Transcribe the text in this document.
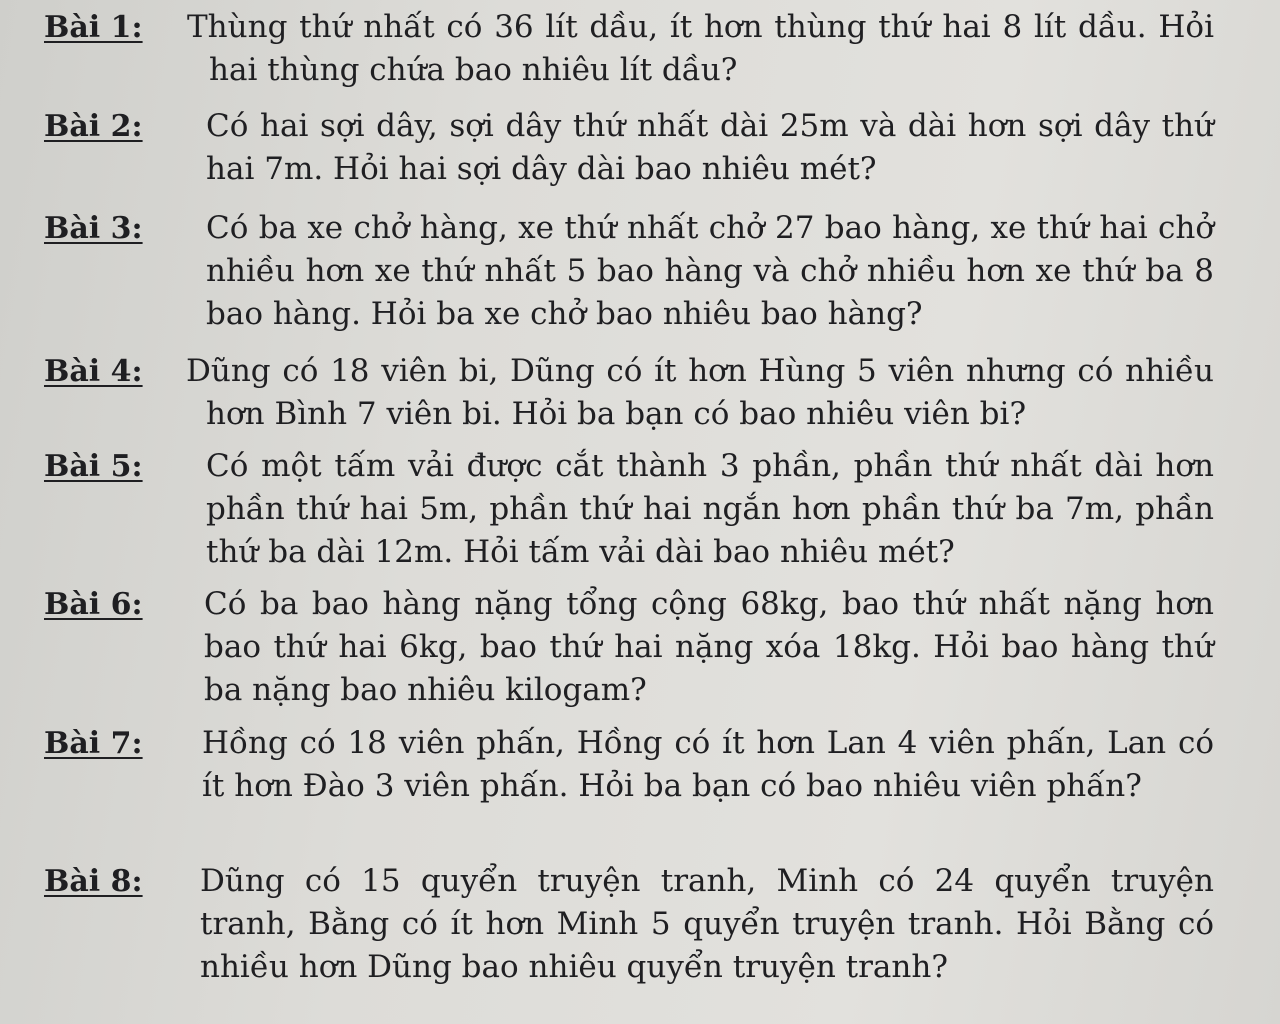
Bài 1:	Thùng thứ nhất có 36 lít dầu, ít hơn thùng thứ hai 8 lít dầu. Hỏi hai thùng chứa bao nhiêu lít dầu?

Bài 2:	Có hai sợi dây, sợi dây thứ nhất dài 25m và dài hơn sợi dây thứ hai 7m. Hỏi hai sợi dây dài bao nhiêu mét?

Bài 3:	Có ba xe chở hàng, xe thứ nhất chở 27 bao hàng, xe thứ hai chở nhiều hơn xe thứ nhất 5 bao hàng và chở nhiều hơn xe thứ ba 8 bao hàng. Hỏi ba xe chở bao nhiêu bao hàng?

Bài 4:	Dũng có 18 viên bi, Dũng có ít hơn Hùng 5 viên nhưng có nhiều hơn Bình 7 viên bi. Hỏi ba bạn có bao nhiêu viên bi?

Bài 5:	Có một tấm vải được cắt thành 3 phần, phần thứ nhất dài hơn phần thứ hai 5m, phần thứ hai ngắn hơn phần thứ ba 7m, phần thứ ba dài 12m. Hỏi tấm vải dài bao nhiêu mét?

Bài 6:	Có ba bao hàng nặng tổng cộng 68kg, bao thứ nhất nặng hơn bao thứ hai 6kg, bao thứ hai nặng xóa 18kg. Hỏi bao hàng thứ ba nặng bao nhiêu kilogam?

Bài 7:	Hồng có 18 viên phấn, Hồng có ít hơn Lan 4 viên phấn, Lan có ít hơn Đào 3 viên phấn. Hỏi ba bạn có bao nhiêu viên phấn?

Bài 8:	Dũng có 15 quyển truyện tranh, Minh có 24 quyển truyện tranh, Bằng có ít hơn Minh 5 quyển truyện tranh. Hỏi Bằng có nhiều hơn Dũng bao nhiêu quyển truyện tranh?
